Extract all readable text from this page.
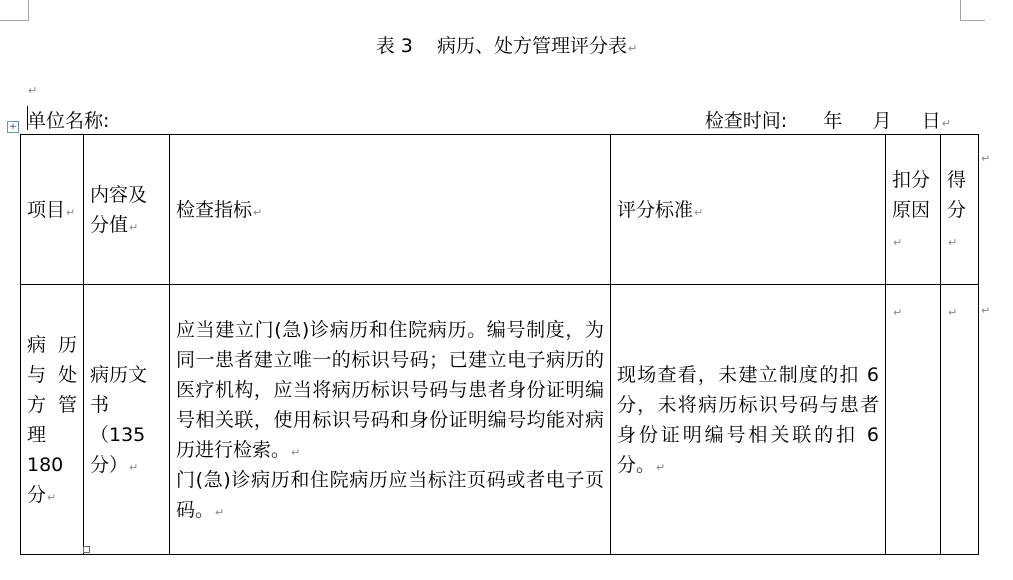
表 3    病历、处方管理评分表↵
↵
单位名称:	检查时间:      年     月     日↵
+
项目↵	内容及分值↵	检查指标↵	评分标准↵	扣分原因↵	得分↵
病历与处方管理 180 分↵	病历文书 （135 分）↵	应当建立门(急)诊病历和住院病历。编号制度，为同一患者建立唯一的标识号码；已建立电子病历的医疗机构，应当将病历标识号码与患者身份证明编号相关联，使用标识号码和身份证明编号均能对病历进行检索。↵
门(急)诊病历和住院病历应当标注页码或者电子页码。↵	现场查看，未建立制度的扣 6 分，未将病历标识号码与患者身份证明编号相关联的扣 6 分。↵	↵	↵
↵
↵
